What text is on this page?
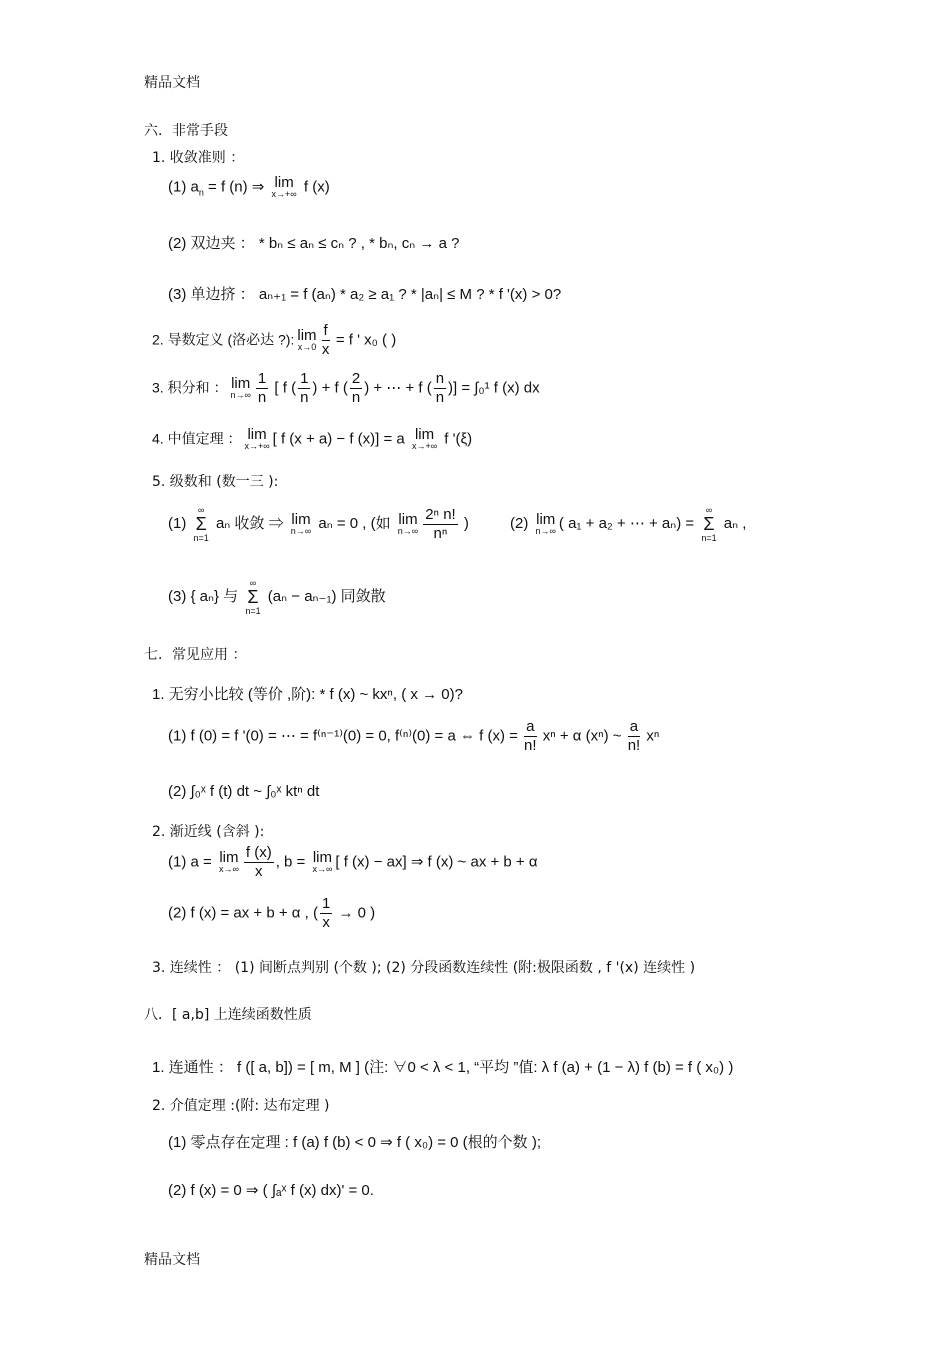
精品文档
精品文档
六．非常手段
1. 收敛准则 ：
(1) $a_n = f$ (n) ⇒ lim
x→+∞ f (x)
(2) 双边夹 ： * bₙ ≤ aₙ ≤ cₙ ? , * bₙ, cₙ → a ?
(3) 单边挤 ： aₙ₊₁ = f (aₙ) * a₂ ≥ a₁ ? * |aₙ| ≤ M ? * f '(x) > 0?
2. 导数定义 (洛必达 ?): lim
$x\to 0 \frac{f}{x} = f$ ' x₀ ( )
3. 积分和 ： lim
$n\to\infty \frac{1}{n}$ [ f ( $\frac{1}{n}$ ) + f ( $\frac{2}{n}$ ) + ⋯ + f ( $\frac{n}{n}$ )] = ∫₀¹ f (x) dx
4. 中值定理 ： lim
x→+∞ [ f (x + a) − f (x)] = a lim
x→+∞ f '(ξ)
5. 级数和 (数一三 ):
(1)
∞
Σ
n=1
aₙ 收敛 ⇒ lim
n→∞ aₙ = 0 , (如 lim
$n\to\infty \frac{\text{2ⁿ n!}}{\text{nⁿ}}$ )	(2) lim
n→∞ ( a₁ + a₂ + ⋯ + aₙ) =
∞
Σ
n=1
aₙ ,
(3) { aₙ} 与
∞
Σ
n=1
(aₙ − aₙ₋₁) 同敛散
七．常见应用 ：
1. 无穷小比较 (等价 ,阶): * f (x) ~ kxⁿ, ( x → 0)?
(1) f (0) = f '(0) = ⋯ = f⁽ⁿ⁻¹⁾(0) = 0, f⁽ⁿ⁾(0) = a ⇔ f $(x) = \frac{a}{n!}$ xⁿ + α (xⁿ) ~ $\frac{a}{n!}$ xⁿ
(2) ∫₀ˣ f (t) dt ~ ∫₀ˣ ktⁿ dt
2. 渐近线 (含斜 ):
(1) a = lim
$x\to\infty \frac{f (x)}{x}$ , b = lim
x→∞ [ f (x) − ax] ⇒ f (x) ~ ax + b + α
(2) f (x) = ax + b + α , ( $\frac{1}{x} \to 0$ )
3. 连续性 ： (1) 间断点判别 (个数 ); (2) 分段函数连续性 (附:极限函数 , f '(x) 连续性 )
八．[ a,b] 上连续函数性质
1. 连通性 ： f ([ a, b]) = [ m, M ] (注: ∀0 < λ < 1, “平均 ”值: λ f (a) + (1 − λ) f (b) = f ( x₀) )
2. 介值定理 :(附: 达布定理 )
(1) 零点存在定理 : f (a) f (b) < 0 ⇒ f ( x₀) = 0 (根的个数 );
(2) f (x) = 0 ⇒ ( ∫ₐˣ f (x) dx)' = 0.
